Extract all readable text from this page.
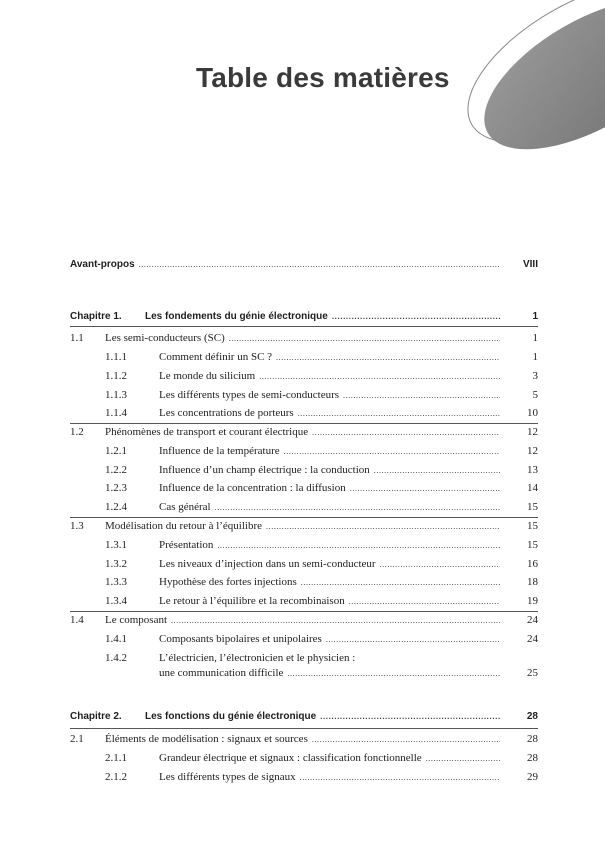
Table des matières
Avant-propos .....	VIII
Chapitre 1. Les fondements du génie électronique .....	1
1.1 Les semi-conducteurs (SC) .....	1
1.1.1	Comment définir un SC ? .....	1
1.1.2	Le monde du silicium .....	3
1.1.3	Les différents types de semi-conducteurs .....	5
1.1.4	Les concentrations de porteurs .....	10
1.2 Phénomènes de transport et courant électrique .....	12
1.2.1	Influence de la température .....	12
1.2.2	Influence d’un champ électrique : la conduction .....	13
1.2.3	Influence de la concentration : la diffusion .....	14
1.2.4	Cas général .....	15
1.3 Modélisation du retour à l’équilibre .....	15
1.3.1	Présentation .....	15
1.3.2	Les niveaux d’injection dans un semi-conducteur .....	16
1.3.3	Hypothèse des fortes injections .....	18
1.3.4	Le retour à l’équilibre et la recombinaison .....	19
1.4 Le composant .....	24
1.4.1	Composants bipolaires et unipolaires .....	24
1.4.2	L’électricien, l’électronicien et le physicien :
une communication difficile .....	25
Chapitre 2. Les fonctions du génie électronique .....	28
2.1 Éléments de modélisation : signaux et sources .....	28
2.1.1	Grandeur électrique et signaux : classification fonctionnelle .....	28
2.1.2	Les différents types de signaux .....	29
